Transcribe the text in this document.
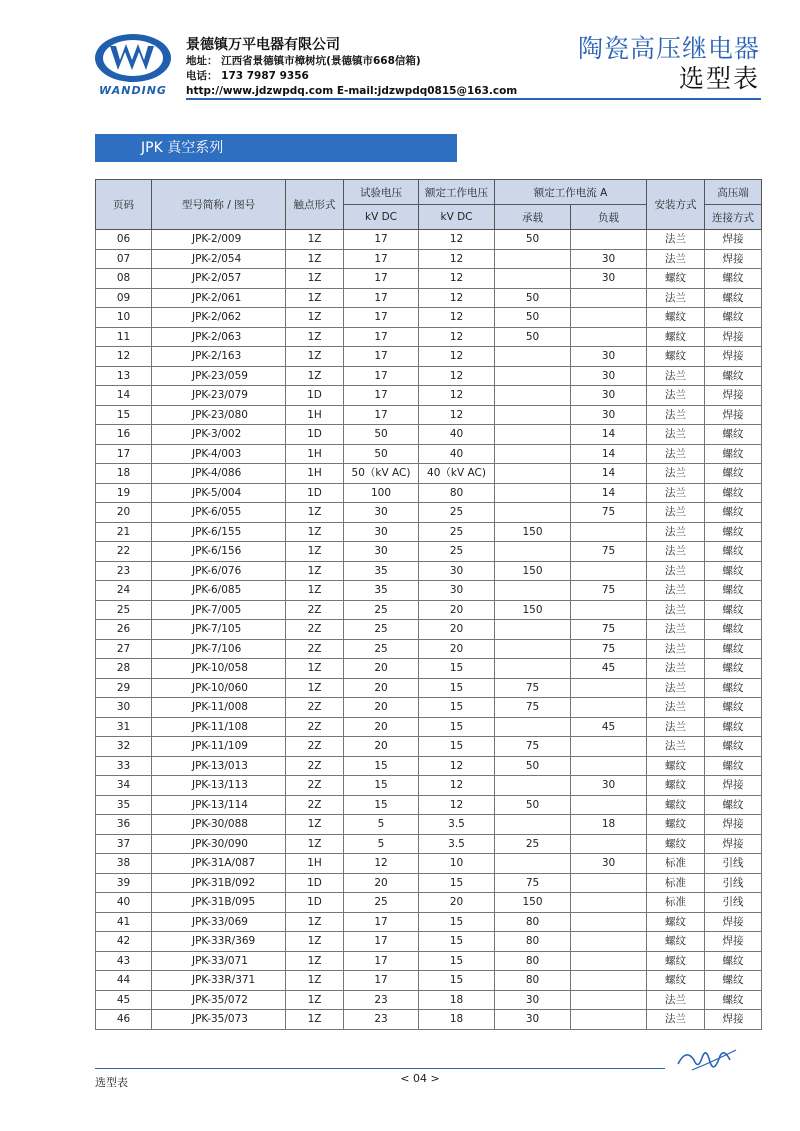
WANDING
景德镇万平电器有限公司
地址： 江西省景德镇市樟树坑(景德镇市668信箱)
电话： 173 7987 9356
http://www.jdzwpdq.com E-mail:jdzwpdq0815@163.com
陶瓷高压继电器
选型表
JPK 真空系列
页码	型号简称 / 图号	触点形式	试验电压	额定工作电压	额定工作电流 A		安装方式	高压端
			kV DC	kV DC	承载	负载		连接方式
06	JPK-2/009	1Z	17	12	50		法兰	焊接
07	JPK-2/054	1Z	17	12		30	法兰	焊接
08	JPK-2/057	1Z	17	12		30	螺纹	螺纹
09	JPK-2/061	1Z	17	12	50		法兰	螺纹
10	JPK-2/062	1Z	17	12	50		螺纹	螺纹
11	JPK-2/063	1Z	17	12	50		螺纹	焊接
12	JPK-2/163	1Z	17	12		30	螺纹	焊接
13	JPK-23/059	1Z	17	12		30	法兰	螺纹
14	JPK-23/079	1D	17	12		30	法兰	焊接
15	JPK-23/080	1H	17	12		30	法兰	焊接
16	JPK-3/002	1D	50	40		14	法兰	螺纹
17	JPK-4/003	1H	50	40		14	法兰	螺纹
18	JPK-4/086	1H	50（kV AC)	40（kV AC)		14	法兰	螺纹
19	JPK-5/004	1D	100	80		14	法兰	螺纹
20	JPK-6/055	1Z	30	25		75	法兰	螺纹
21	JPK-6/155	1Z	30	25	150		法兰	螺纹
22	JPK-6/156	1Z	30	25		75	法兰	螺纹
23	JPK-6/076	1Z	35	30	150		法兰	螺纹
24	JPK-6/085	1Z	35	30		75	法兰	螺纹
25	JPK-7/005	2Z	25	20	150		法兰	螺纹
26	JPK-7/105	2Z	25	20		75	法兰	螺纹
27	JPK-7/106	2Z	25	20		75	法兰	螺纹
28	JPK-10/058	1Z	20	15		45	法兰	螺纹
29	JPK-10/060	1Z	20	15	75		法兰	螺纹
30	JPK-11/008	2Z	20	15	75		法兰	螺纹
31	JPK-11/108	2Z	20	15		45	法兰	螺纹
32	JPK-11/109	2Z	20	15	75		法兰	螺纹
33	JPK-13/013	2Z	15	12	50		螺纹	螺纹
34	JPK-13/113	2Z	15	12		30	螺纹	焊接
35	JPK-13/114	2Z	15	12	50		螺纹	螺纹
36	JPK-30/088	1Z	5	3.5		18	螺纹	焊接
37	JPK-30/090	1Z	5	3.5	25		螺纹	焊接
38	JPK-31A/087	1H	12	10		30	标准	引线
39	JPK-31B/092	1D	20	15	75		标准	引线
40	JPK-31B/095	1D	25	20	150		标准	引线
41	JPK-33/069	1Z	17	15	80		螺纹	焊接
42	JPK-33R/369	1Z	17	15	80		螺纹	焊接
43	JPK-33/071	1Z	17	15	80		螺纹	螺纹
44	JPK-33R/371	1Z	17	15	80		螺纹	螺纹
45	JPK-35/072	1Z	23	18	30		法兰	螺纹
46	JPK-35/073	1Z	23	18	30		法兰	焊接
选型表	< 04 >
